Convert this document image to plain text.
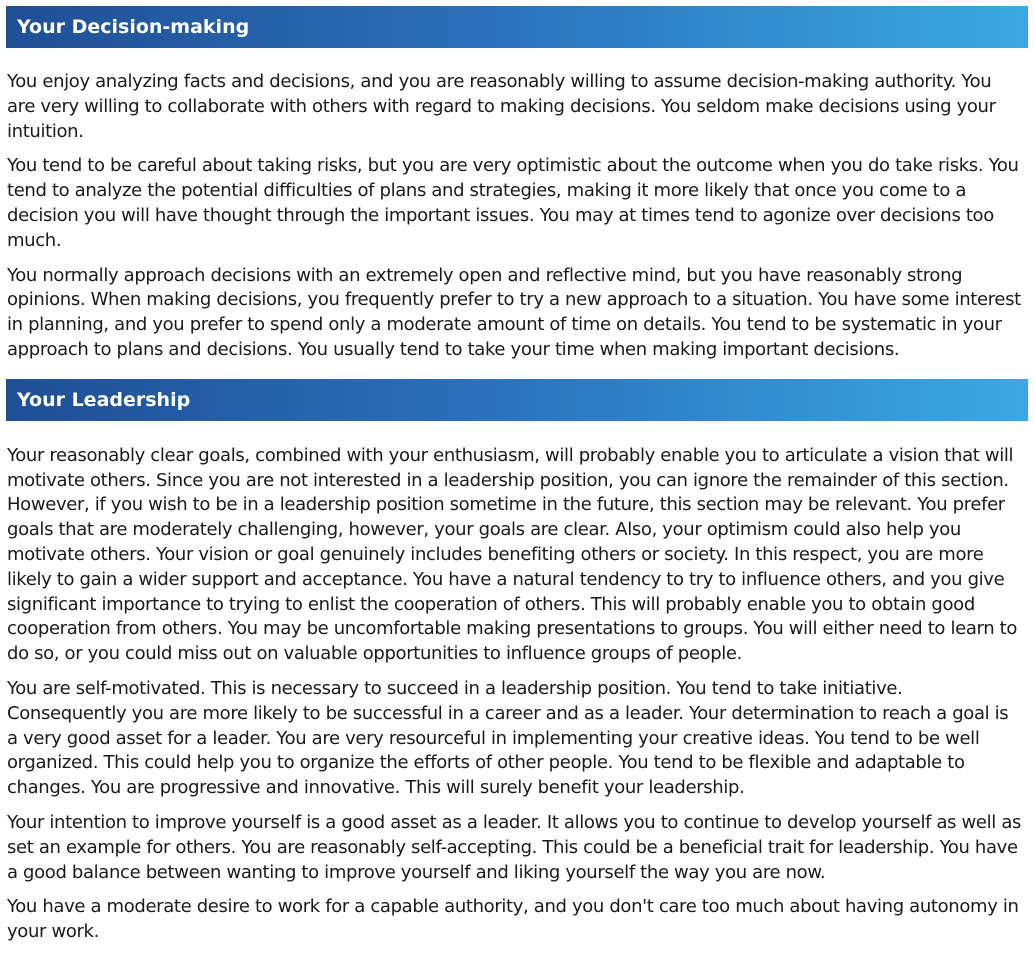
Your Decision-making

You enjoy analyzing facts and decisions, and you are reasonably willing to assume decision-making authority. You are very willing to collaborate with others with regard to making decisions. You seldom make decisions using your intuition.

You tend to be careful about taking risks, but you are very optimistic about the outcome when you do take risks. You tend to analyze the potential difficulties of plans and strategies, making it more likely that once you come to a decision you will have thought through the important issues. You may at times tend to agonize over decisions too much.

You normally approach decisions with an extremely open and reflective mind, but you have reasonably strong opinions. When making decisions, you frequently prefer to try a new approach to a situation. You have some interest in planning, and you prefer to spend only a moderate amount of time on details. You tend to be systematic in your approach to plans and decisions. You usually tend to take your time when making important decisions.

Your Leadership

Your reasonably clear goals, combined with your enthusiasm, will probably enable you to articulate a vision that will motivate others. Since you are not interested in a leadership position, you can ignore the remainder of this section. However, if you wish to be in a leadership position sometime in the future, this section may be relevant. You prefer goals that are moderately challenging, however, your goals are clear. Also, your optimism could also help you motivate others. Your vision or goal genuinely includes benefiting others or society. In this respect, you are more likely to gain a wider support and acceptance. You have a natural tendency to try to influence others, and you give significant importance to trying to enlist the cooperation of others. This will probably enable you to obtain good cooperation from others. You may be uncomfortable making presentations to groups. You will either need to learn to do so, or you could miss out on valuable opportunities to influence groups of people.

You are self-motivated. This is necessary to succeed in a leadership position. You tend to take initiative. Consequently you are more likely to be successful in a career and as a leader. Your determination to reach a goal is a very good asset for a leader. You are very resourceful in implementing your creative ideas. You tend to be well organized. This could help you to organize the efforts of other people. You tend to be flexible and adaptable to changes. You are progressive and innovative. This will surely benefit your leadership.

Your intention to improve yourself is a good asset as a leader. It allows you to continue to develop yourself as well as set an example for others. You are reasonably self-accepting. This could be a beneficial trait for leadership. You have a good balance between wanting to improve yourself and liking yourself the way you are now.

You have a moderate desire to work for a capable authority, and you don't care too much about having autonomy in your work.
